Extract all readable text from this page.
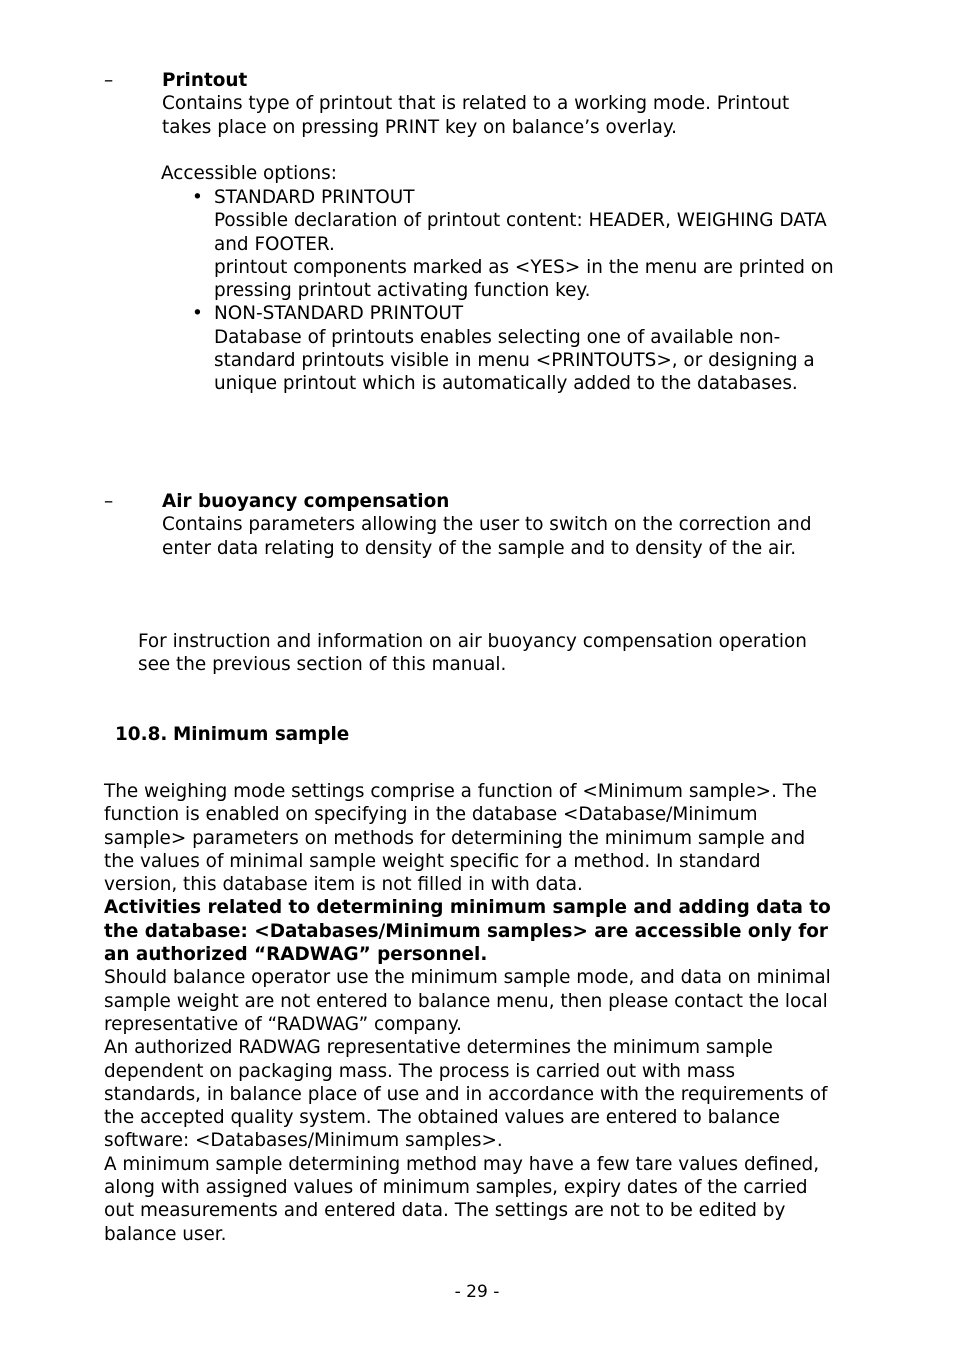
–	Printout

Contains type of printout that is related to a working mode. Printout

takes place on pressing PRINT key on balance’s overlay.

Accessible options:

• STANDARD PRINTOUT

Possible declaration of printout content: HEADER, WEIGHING DATA

and FOOTER.

printout components marked as <YES> in the menu are printed on

pressing printout activating function key.

• NON-STANDARD PRINTOUT

Database of printouts enables selecting one of available non-

standard printouts visible in menu <PRINTOUTS>, or designing a

unique printout which is automatically added to the databases.

–	Air buoyancy compensation

Contains parameters allowing the user to switch on the correction and

enter data relating to density of the sample and to density of the air.

For instruction and information on air buoyancy compensation operation

see the previous section of this manual.

10.8. Minimum sample

The weighing mode settings comprise a function of <Minimum sample>. The

function is enabled on specifying in the database <Database/Minimum

sample> parameters on methods for determining the minimum sample and

the values of minimal sample weight specific for a method. In standard

version, this database item is not filled in with data.

Activities related to determining minimum sample and adding data to

the database: <Databases/Minimum samples> are accessible only for

an authorized “RADWAG” personnel.

Should balance operator use the minimum sample mode, and data on minimal

sample weight are not entered to balance menu, then please contact the local

representative of “RADWAG” company.

An authorized RADWAG representative determines the minimum sample

dependent on packaging mass. The process is carried out with mass

standards, in balance place of use and in accordance with the requirements of

the accepted quality system. The obtained values are entered to balance

software: <Databases/Minimum samples>.

A minimum sample determining method may have a few tare values defined,

along with assigned values of minimum samples, expiry dates of the carried

out measurements and entered data. The settings are not to be edited by

balance user.

- 29 -
